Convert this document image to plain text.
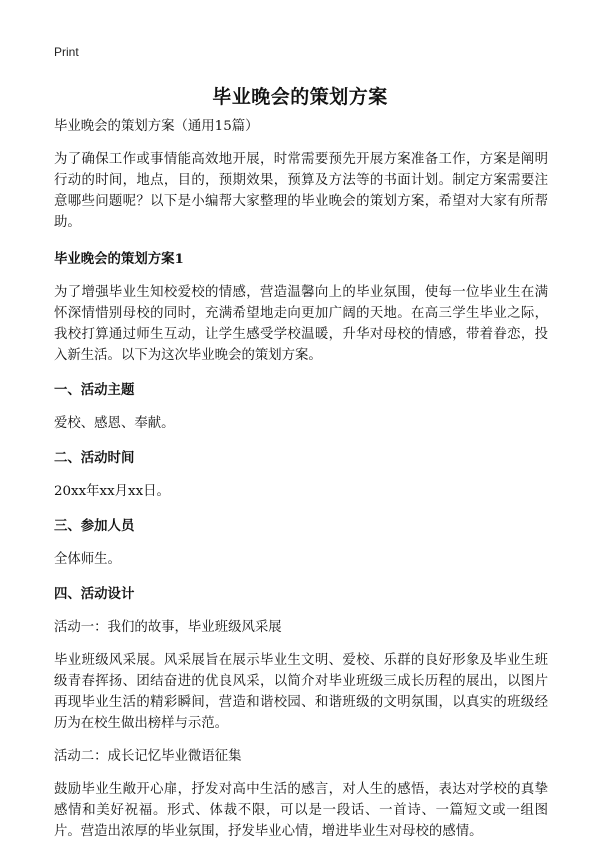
Print
毕业晚会的策划方案

毕业晚会的策划方案（通用15篇）

为了确保工作或事情能高效地开展，时常需要预先开展方案准备工作，方案是阐明行动的时间，地点，目的，预期效果，预算及方法等的书面计划。制定方案需要注意哪些问题呢？以下是小编帮大家整理的毕业晚会的策划方案，希望对大家有所帮助。

毕业晚会的策划方案1

为了增强毕业生知校爱校的情感，营造温馨向上的毕业氛围，使每一位毕业生在满怀深情惜别母校的同时，充满希望地走向更加广阔的天地。在高三学生毕业之际，我校打算通过师生互动，让学生感受学校温暖，升华对母校的情感，带着眷恋，投入新生活。以下为这次毕业晚会的策划方案。

一、活动主题

爱校、感恩、奉献。

二、活动时间

20xx年xx月xx日。

三、参加人员

全体师生。

四、活动设计

活动一：我们的故事，毕业班级风采展

毕业班级风采展。风采展旨在展示毕业生文明、爱校、乐群的良好形象及毕业生班级青春挥扬、团结奋进的优良风采，以简介对毕业班级三成长历程的展出，以图片再现毕业生活的精彩瞬间，营造和谐校园、和谐班级的文明氛围，以真实的班级经历为在校生做出榜样与示范。

活动二：成长记忆毕业微语征集

鼓励毕业生敞开心扉，抒发对高中生活的感言，对人生的感悟，表达对学校的真挚感情和美好祝福。形式、体裁不限，可以是一段话、一首诗、一篇短文或一组图片。营造出浓厚的毕业氛围，抒发毕业心情，增进毕业生对母校的感情。
